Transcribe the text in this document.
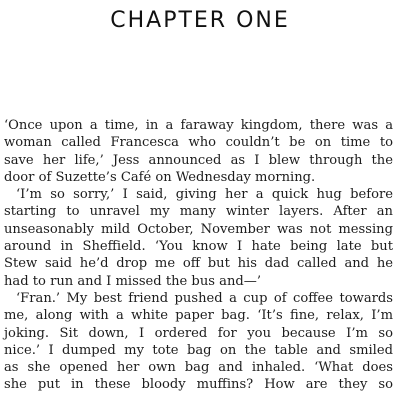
CHAPTER ONE
‘Once upon a time, in a faraway kingdom, there was a
woman called Francesca who couldn’t be on time to
save her life,’ Jess announced as I blew through the
door of Suzette’s Café on Wednesday morning.
‘I’m so sorry,’ I said, giving her a quick hug before
starting to unravel my many winter layers. After an
unseasonably mild October, November was not messing
around in Sheffield. ‘You know I hate being late but
Stew said he’d drop me off but his dad called and he
had to run and I missed the bus and—’
‘Fran.’ My best friend pushed a cup of coffee towards
me, along with a white paper bag. ‘It’s fine, relax, I’m
joking. Sit down, I ordered for you because I’m so
nice.’ I dumped my tote bag on the table and smiled
as she opened her own bag and inhaled. ‘What does
she put in these bloody muffins? How are they so
